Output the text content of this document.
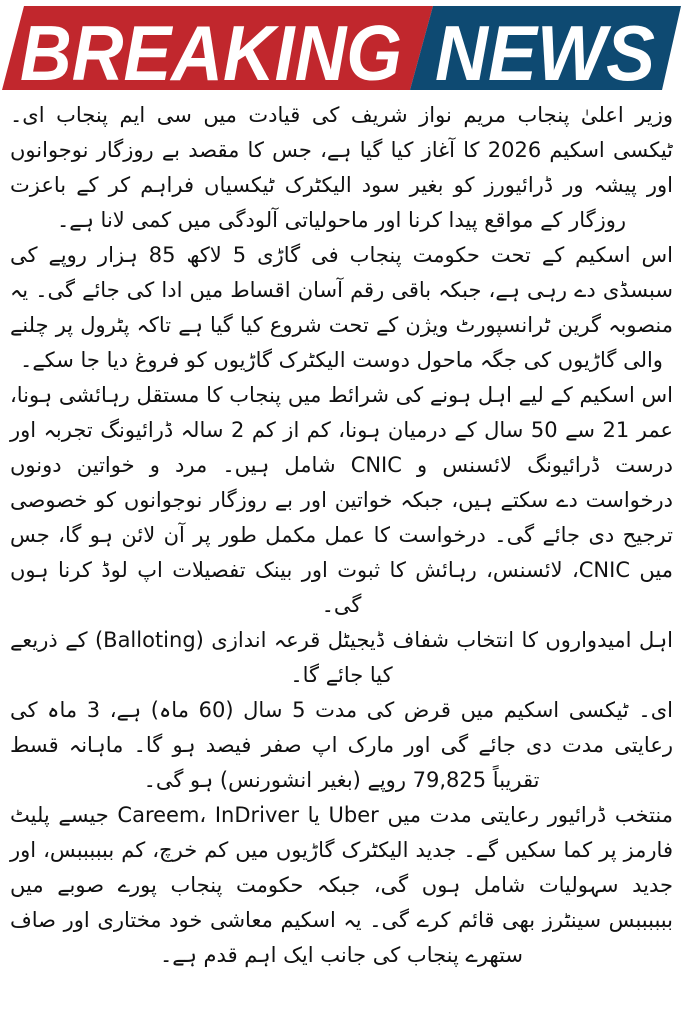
BREAKING NEWS

وزیر اعلیٰ پنجاب مریم نواز شریف کی قیادت میں سی ایم پنجاب ای۔ ٹیکسی اسکیم 2026 کا آغاز کیا گیا ہے، جس کا مقصد بے روزگار نوجوانوں اور پیشہ ور ڈرائیورز کو بغیر سود الیکٹرک ٹیکسیاں فراہم کر کے باعزت روزگار کے مواقع پیدا کرنا اور ماحولیاتی آلودگی میں کمی لانا ہے۔

اس اسکیم کے تحت حکومت پنجاب فی گاڑی 5 لاکھ 85 ہزار روپے کی سبسڈی دے رہی ہے، جبکہ باقی رقم آسان اقساط میں ادا کی جائے گی۔ یہ منصوبہ گرین ٹرانسپورٹ ویژن کے تحت شروع کیا گیا ہے تاکہ پٹرول پر چلنے والی گاڑیوں کی جگہ ماحول دوست الیکٹرک گاڑیوں کو فروغ دیا جا سکے۔

اس اسکیم کے لیے اہل ہونے کی شرائط میں پنجاب کا مستقل رہائشی ہونا، عمر 21 سے 50 سال کے درمیان ہونا، کم از کم 2 سالہ ڈرائیونگ تجربہ اور درست ڈرائیونگ لائسنس و CNIC شامل ہیں۔ مرد و خواتین دونوں درخواست دے سکتے ہیں، جبکہ خواتین اور بے روزگار نوجوانوں کو خصوصی ترجیح دی جائے گی۔ درخواست کا عمل مکمل طور پر آن لائن ہو گا، جس میں CNIC، لائسنس، رہائش کا ثبوت اور بینک تفصیلات اپ لوڈ کرنا ہوں گی۔

اہل امیدواروں کا انتخاب شفاف ڈیجیٹل قرعہ اندازی (Balloting) کے ذریعے کیا جائے گا۔

ای۔ ٹیکسی اسکیم میں قرض کی مدت 5 سال (60 ماہ) ہے، 3 ماہ کی رعایتی مدت دی جائے گی اور مارک اپ صفر فیصد ہو گا۔ ماہانہ قسط تقریباً 79,825 روپے (بغیر انشورنس) ہو گی۔

منتخب ڈرائیور رعایتی مدت میں Uber یا Careem، InDriver جیسے پلیٹ فارمز پر کما سکیں گے۔ جدید الیکٹرک گاڑیوں میں کم خرچ، کم ببببببس، اور جدید سہولیات شامل ہوں گی، جبکہ حکومت پنجاب پورے صوبے میں ببببببس سینٹرز بھی قائم کرے گی۔ یہ اسکیم معاشی خود مختاری اور صاف ستھرے پنجاب کی جانب ایک اہم قدم ہے۔
